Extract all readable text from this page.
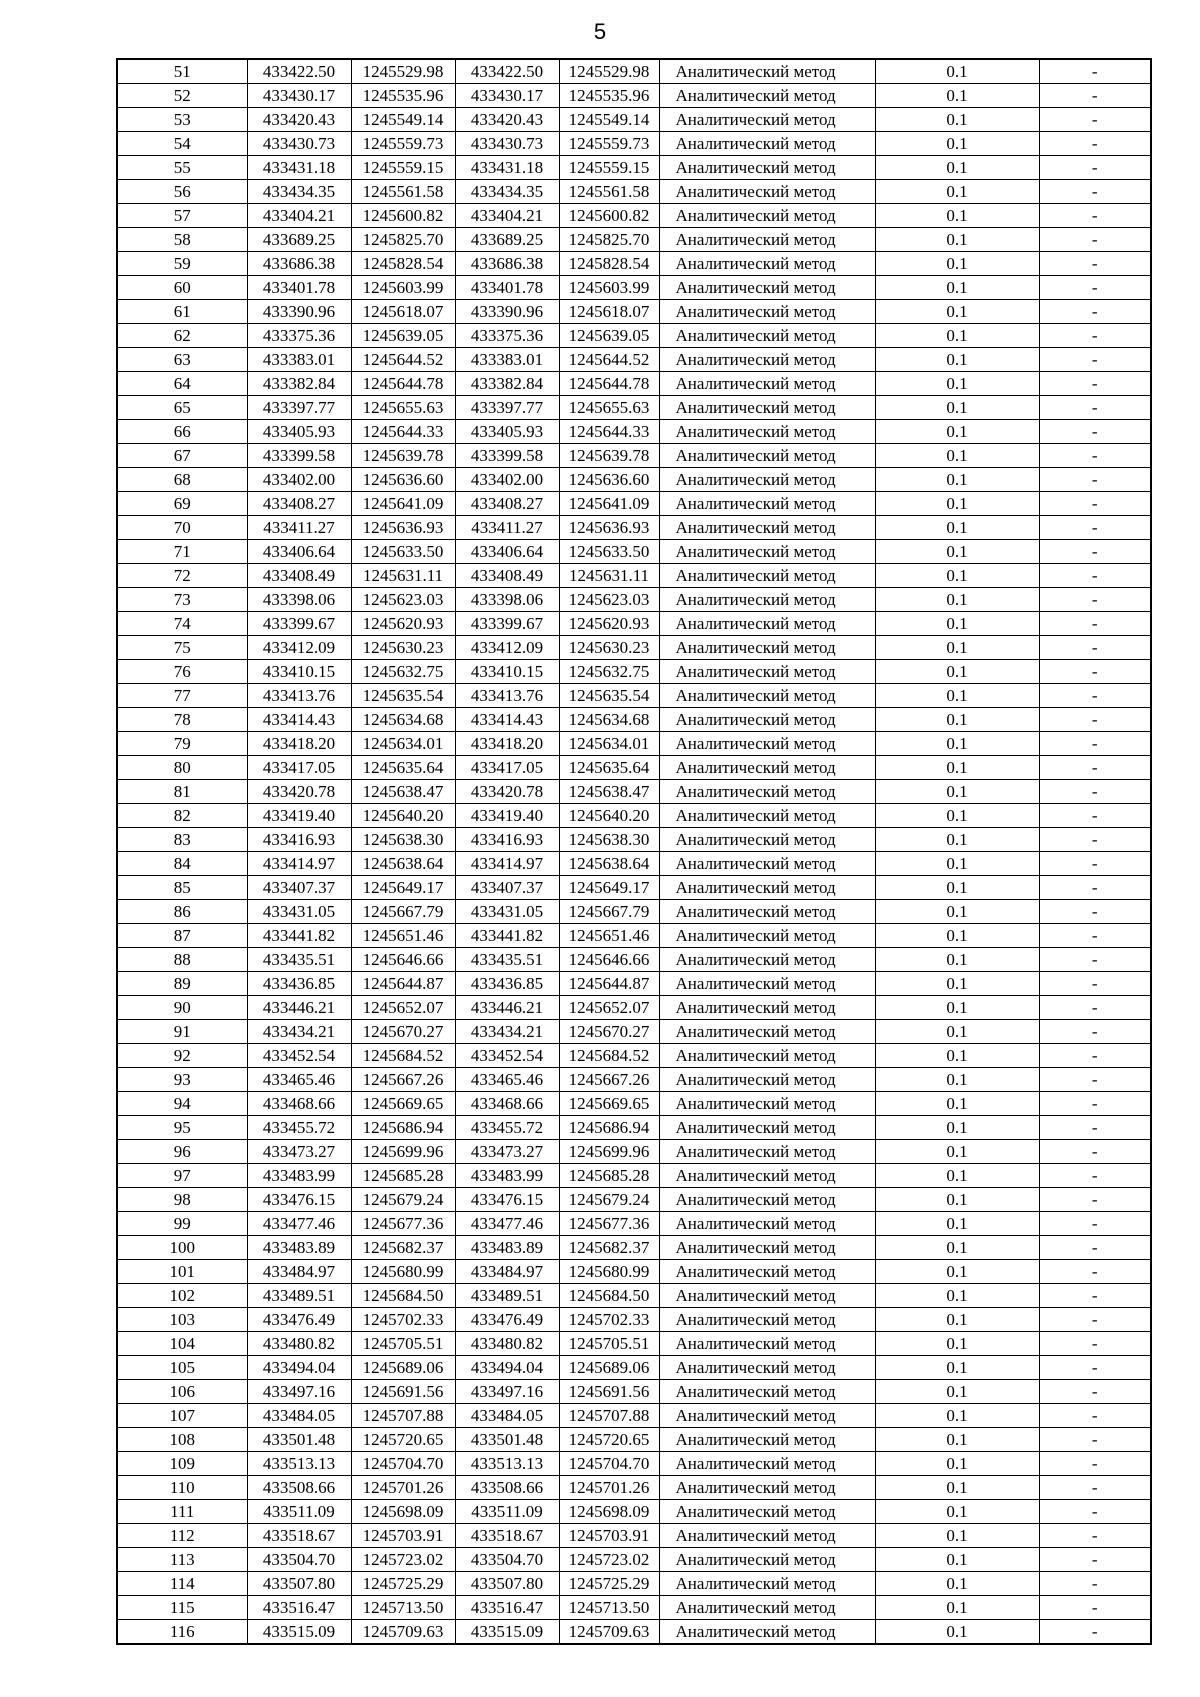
5
51	433422.50	1245529.98	433422.50	1245529.98	Аналитический метод	0.1	-
52	433430.17	1245535.96	433430.17	1245535.96	Аналитический метод	0.1	-
53	433420.43	1245549.14	433420.43	1245549.14	Аналитический метод	0.1	-
54	433430.73	1245559.73	433430.73	1245559.73	Аналитический метод	0.1	-
55	433431.18	1245559.15	433431.18	1245559.15	Аналитический метод	0.1	-
56	433434.35	1245561.58	433434.35	1245561.58	Аналитический метод	0.1	-
57	433404.21	1245600.82	433404.21	1245600.82	Аналитический метод	0.1	-
58	433689.25	1245825.70	433689.25	1245825.70	Аналитический метод	0.1	-
59	433686.38	1245828.54	433686.38	1245828.54	Аналитический метод	0.1	-
60	433401.78	1245603.99	433401.78	1245603.99	Аналитический метод	0.1	-
61	433390.96	1245618.07	433390.96	1245618.07	Аналитический метод	0.1	-
62	433375.36	1245639.05	433375.36	1245639.05	Аналитический метод	0.1	-
63	433383.01	1245644.52	433383.01	1245644.52	Аналитический метод	0.1	-
64	433382.84	1245644.78	433382.84	1245644.78	Аналитический метод	0.1	-
65	433397.77	1245655.63	433397.77	1245655.63	Аналитический метод	0.1	-
66	433405.93	1245644.33	433405.93	1245644.33	Аналитический метод	0.1	-
67	433399.58	1245639.78	433399.58	1245639.78	Аналитический метод	0.1	-
68	433402.00	1245636.60	433402.00	1245636.60	Аналитический метод	0.1	-
69	433408.27	1245641.09	433408.27	1245641.09	Аналитический метод	0.1	-
70	433411.27	1245636.93	433411.27	1245636.93	Аналитический метод	0.1	-
71	433406.64	1245633.50	433406.64	1245633.50	Аналитический метод	0.1	-
72	433408.49	1245631.11	433408.49	1245631.11	Аналитический метод	0.1	-
73	433398.06	1245623.03	433398.06	1245623.03	Аналитический метод	0.1	-
74	433399.67	1245620.93	433399.67	1245620.93	Аналитический метод	0.1	-
75	433412.09	1245630.23	433412.09	1245630.23	Аналитический метод	0.1	-
76	433410.15	1245632.75	433410.15	1245632.75	Аналитический метод	0.1	-
77	433413.76	1245635.54	433413.76	1245635.54	Аналитический метод	0.1	-
78	433414.43	1245634.68	433414.43	1245634.68	Аналитический метод	0.1	-
79	433418.20	1245634.01	433418.20	1245634.01	Аналитический метод	0.1	-
80	433417.05	1245635.64	433417.05	1245635.64	Аналитический метод	0.1	-
81	433420.78	1245638.47	433420.78	1245638.47	Аналитический метод	0.1	-
82	433419.40	1245640.20	433419.40	1245640.20	Аналитический метод	0.1	-
83	433416.93	1245638.30	433416.93	1245638.30	Аналитический метод	0.1	-
84	433414.97	1245638.64	433414.97	1245638.64	Аналитический метод	0.1	-
85	433407.37	1245649.17	433407.37	1245649.17	Аналитический метод	0.1	-
86	433431.05	1245667.79	433431.05	1245667.79	Аналитический метод	0.1	-
87	433441.82	1245651.46	433441.82	1245651.46	Аналитический метод	0.1	-
88	433435.51	1245646.66	433435.51	1245646.66	Аналитический метод	0.1	-
89	433436.85	1245644.87	433436.85	1245644.87	Аналитический метод	0.1	-
90	433446.21	1245652.07	433446.21	1245652.07	Аналитический метод	0.1	-
91	433434.21	1245670.27	433434.21	1245670.27	Аналитический метод	0.1	-
92	433452.54	1245684.52	433452.54	1245684.52	Аналитический метод	0.1	-
93	433465.46	1245667.26	433465.46	1245667.26	Аналитический метод	0.1	-
94	433468.66	1245669.65	433468.66	1245669.65	Аналитический метод	0.1	-
95	433455.72	1245686.94	433455.72	1245686.94	Аналитический метод	0.1	-
96	433473.27	1245699.96	433473.27	1245699.96	Аналитический метод	0.1	-
97	433483.99	1245685.28	433483.99	1245685.28	Аналитический метод	0.1	-
98	433476.15	1245679.24	433476.15	1245679.24	Аналитический метод	0.1	-
99	433477.46	1245677.36	433477.46	1245677.36	Аналитический метод	0.1	-
100	433483.89	1245682.37	433483.89	1245682.37	Аналитический метод	0.1	-
101	433484.97	1245680.99	433484.97	1245680.99	Аналитический метод	0.1	-
102	433489.51	1245684.50	433489.51	1245684.50	Аналитический метод	0.1	-
103	433476.49	1245702.33	433476.49	1245702.33	Аналитический метод	0.1	-
104	433480.82	1245705.51	433480.82	1245705.51	Аналитический метод	0.1	-
105	433494.04	1245689.06	433494.04	1245689.06	Аналитический метод	0.1	-
106	433497.16	1245691.56	433497.16	1245691.56	Аналитический метод	0.1	-
107	433484.05	1245707.88	433484.05	1245707.88	Аналитический метод	0.1	-
108	433501.48	1245720.65	433501.48	1245720.65	Аналитический метод	0.1	-
109	433513.13	1245704.70	433513.13	1245704.70	Аналитический метод	0.1	-
110	433508.66	1245701.26	433508.66	1245701.26	Аналитический метод	0.1	-
111	433511.09	1245698.09	433511.09	1245698.09	Аналитический метод	0.1	-
112	433518.67	1245703.91	433518.67	1245703.91	Аналитический метод	0.1	-
113	433504.70	1245723.02	433504.70	1245723.02	Аналитический метод	0.1	-
114	433507.80	1245725.29	433507.80	1245725.29	Аналитический метод	0.1	-
115	433516.47	1245713.50	433516.47	1245713.50	Аналитический метод	0.1	-
116	433515.09	1245709.63	433515.09	1245709.63	Аналитический метод	0.1	-
